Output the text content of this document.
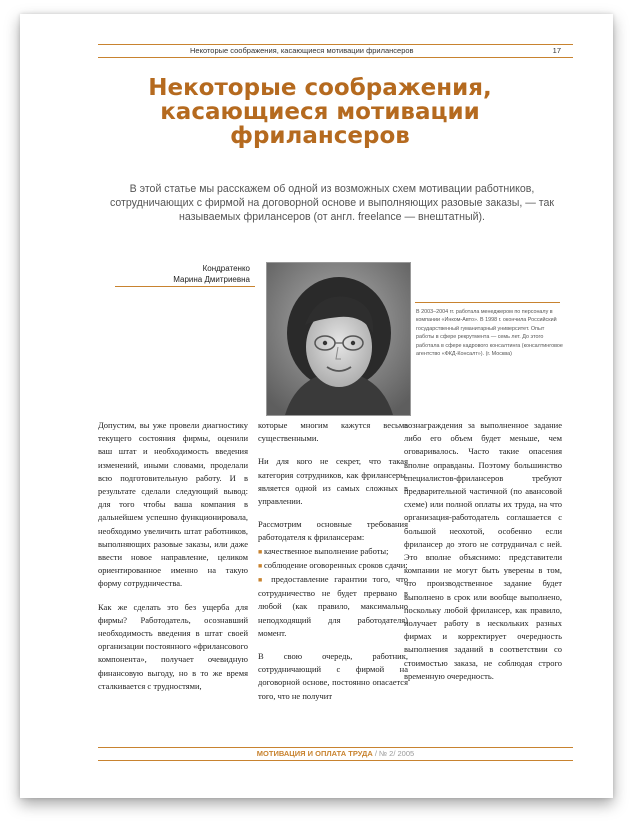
Некоторые соображения, касающиеся мотивации фрилансеров	17
Некоторые соображения,
касающиеся мотивации
фрилансеров
В этой статье мы расскажем об одной из возможных схем мотивации работников, сотрудничающих с фирмой на договорной основе и выполняющих разовые заказы, — так называемых фрилансеров (от англ. freelance — внештатный).
Кондратенко
Марина Дмитриевна
В 2003–2004 гг. работала менеджером по персоналу в компании «Инком-Авто». В 1998 г. окончила Российский государственный гуманитарный университет. Опыт работы в сфере рекрутмента — семь лет. До этого работала в сфере кадрового консалтинга (консалтинговое агентство «ФКД-Консалт»). (г. Москва)

Допустим, вы уже провели диагностику текущего состояния фирмы, оценили ваш штат и необходимость введения изменений, иными словами, проделали всю подготовительную работу. И в результате сделали следующий вывод: для того чтобы ваша компания в дальнейшем успешно функционировала, необходимо увеличить штат работников, выполняющих разовые заказы, или даже ввести новое направление, целиком ориентированное именно на такую форму сотрудничества.

Как же сделать это без ущерба для фирмы? Работодатель, осознавший необходимость введения в штат своей организации постоянного «фрилансового компонента», получает очевидную финансовую выгоду, но в то же время сталкивается с трудностями,

которые многим кажутся весьма существенными.

Ни для кого не секрет, что такая категория сотрудников, как фрилансеры, является одной из самых сложных в управлении.

Рассмотрим основные требования работодателя к фрилансерам:

■ качественное выполнение работы;

■ соблюдение оговоренных сроков сдачи;

■ предоставление гарантии того, что сотрудничество не будет прервано в любой (как правило, максимально неподходящий для работодателя) момент.

В свою очередь, работник, сотрудничающий с фирмой на договорной основе, постоянно опасается того, что не получит

вознаграждения за выполненное задание либо его объем будет меньше, чем оговаривалось. Часто такие опасения вполне оправданы. Поэтому большинство специалистов-фрилансеров требуют предварительной частичной (по авансовой схеме) или полной оплаты их труда, на что организация-работодатель соглашается с большой неохотой, особенно если фрилансер до этого не сотрудничал с ней. Это вполне объяснимо: представители компании не могут быть уверены в том, что производственное задание будет выполнено в срок или вообще выполнено, поскольку любой фрилансер, как правило, получает работу в нескольких разных фирмах и корректирует очередность выполнения заданий в соответствии со стоимостью заказа, не соблюдая строго временную очередность.

МОТИВАЦИЯ И ОПЛАТА ТРУДА / № 2/ 2005
